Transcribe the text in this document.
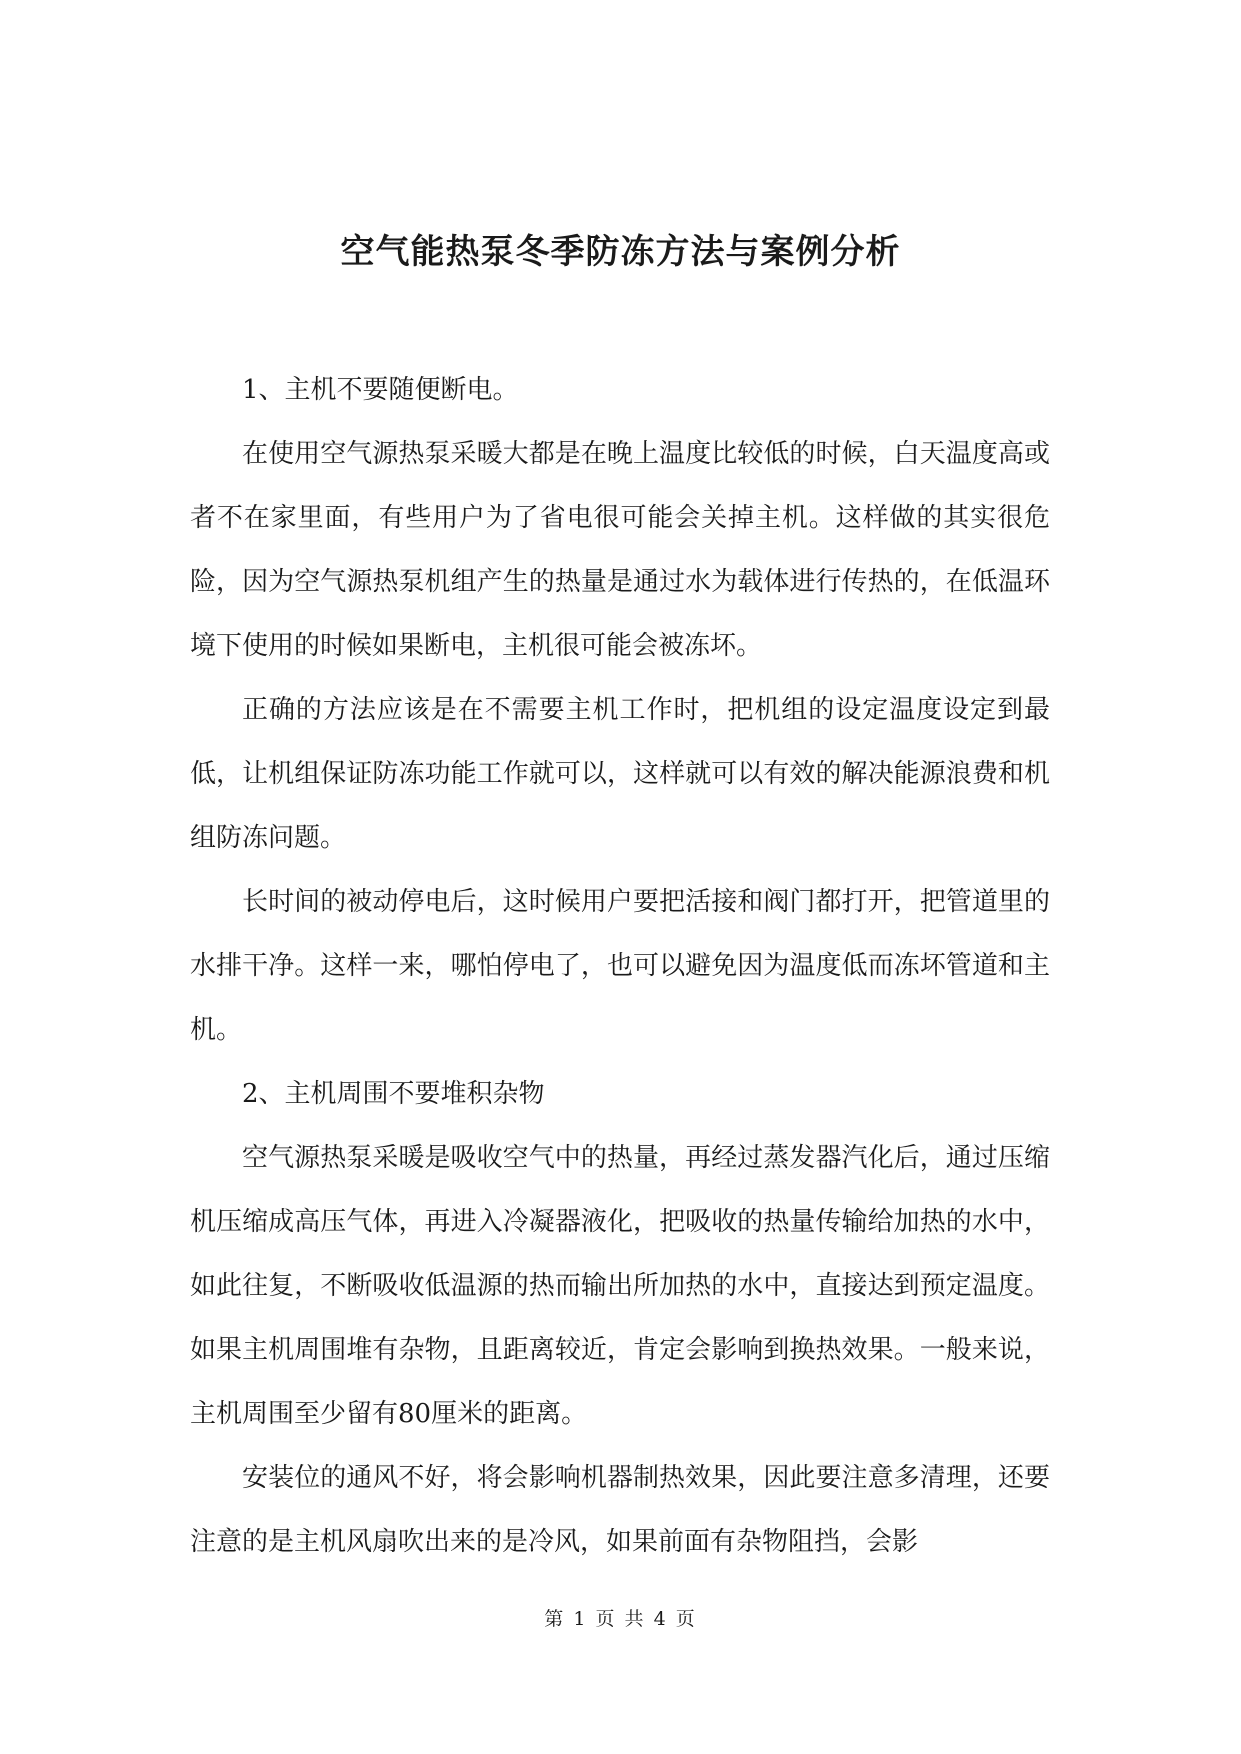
空气能热泵冬季防冻方法与案例分析

1、主机不要随便断电。

在使用空气源热泵采暖大都是在晚上温度比较低的时候，白天温度高或者不在家里面，有些用户为了省电很可能会关掉主机。这样做的其实很危险，因为空气源热泵机组产生的热量是通过水为载体进行传热的，在低温环境下使用的时候如果断电，主机很可能会被冻坏。

正确的方法应该是在不需要主机工作时，把机组的设定温度设定到最低，让机组保证防冻功能工作就可以，这样就可以有效的解决能源浪费和机组防冻问题。

长时间的被动停电后，这时候用户要把活接和阀门都打开，把管道里的水排干净。这样一来，哪怕停电了，也可以避免因为温度低而冻坏管道和主机。

2、主机周围不要堆积杂物

空气源热泵采暖是吸收空气中的热量，再经过蒸发器汽化后，通过压缩机压缩成高压气体，再进入冷凝器液化，把吸收的热量传输给加热的水中，如此往复，不断吸收低温源的热而输出所加热的水中，直接达到预定温度。如果主机周围堆有杂物，且距离较近，肯定会影响到换热效果。一般来说，主机周围至少留有80厘米的距离。

安装位的通风不好，将会影响机器制热效果，因此要注意多清理，还要注意的是主机风扇吹出来的是冷风，如果前面有杂物阻挡，会影

第 1 页 共 4 页
